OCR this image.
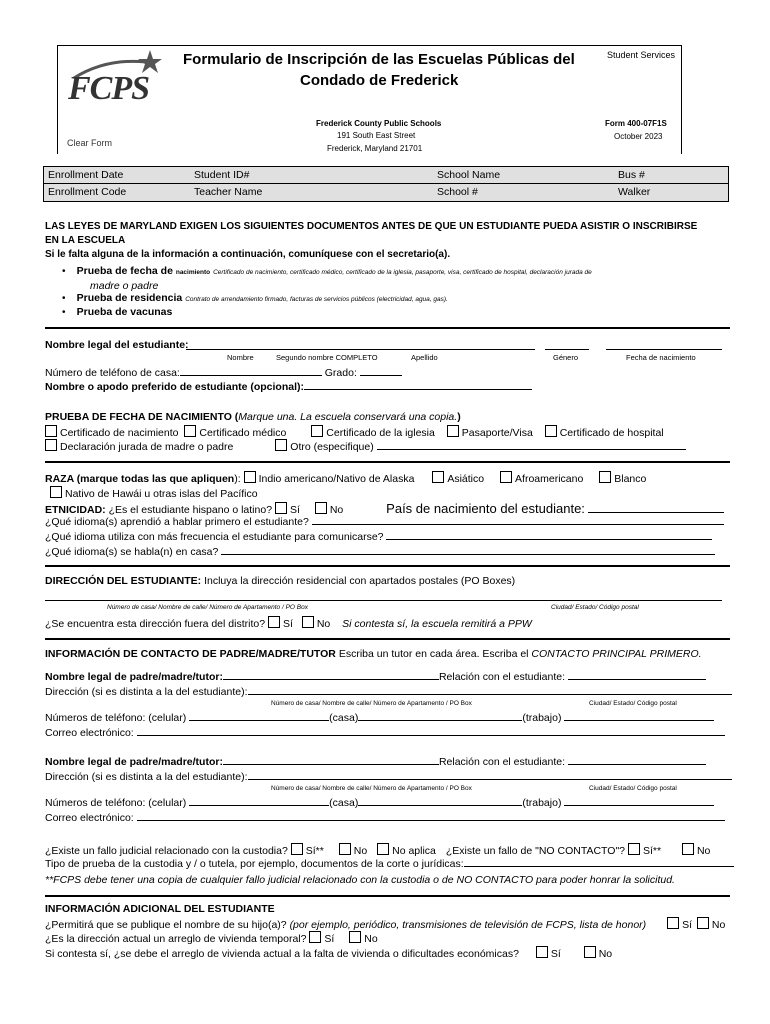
FCPS
Clear Form
Formulario de Inscripción de las Escuelas Públicas del
Condado de Frederick
Student Services
Frederick County Public Schools
191 South East Street
Frederick, Maryland 21701
Form 400-07F1S
October 2023
Enrollment Date	Student ID#	School Name	Bus #
Enrollment Code	Teacher Name	School #	Walker
LAS LEYES DE MARYLAND EXIGEN LOS SIGUIENTES DOCUMENTOS ANTES DE QUE UN ESTUDIANTE PUEDA ASISTIR O INSCRIBIRSE
EN LA ESCUELA
Si le falta alguna de la información a continuación, comuníquese con el secretario(a).
•    Prueba de fecha de nacimiento Certificado de nacimiento, certificado médico, certificado de la iglesia, pasaporte, visa, certificado de hospital, declaración jurada de
madre o padre
•    Prueba de residencia Contrato de arrendamiento firmado, facturas de servicios públicos (electricidad, agua, gas).
•    Prueba de vacunas
Nombre legal del estudiante:
Nombre	Segundo nombre COMPLETO	Apellido	Género	Fecha de nacimiento
Número de teléfono de casa:	Grado:
Nombre o apodo preferido de estudiante (opcional):
PRUEBA DE FECHA DE NACIMIENTO (Marque una. La escuela conservará una copia.)
Certificado de nacimiento Certificado médico	Certificado de la iglesia	Pasaporte/Visa	Certificado de hospital
Declaración jurada de madre o padre	Otro (especifique)
RAZA (marque todas las que apliquen): Indio americano/Nativo de Alaska	Asiático	Afroamericano	Blanco
Nativo de Hawái u otras islas del Pacífico
ETNICIDAD: ¿Es el estudiante hispano o latino? Sí	No	País de nacimiento del estudiante:
¿Qué idioma(s) aprendió a hablar primero el estudiante?
¿Qué idioma utiliza con más frecuencia el estudiante para comunicarse?
¿Qué idioma(s) se habla(n) en casa?
DIRECCIÓN DEL ESTUDIANTE: Incluya la dirección residencial con apartados postales (PO Boxes)
Número de casa/ Nombre de calle/ Número de Apartamento / PO Box	Ciudad/ Estado/ Código postal
¿Se encuentra esta dirección fuera del distrito? Sí No Si contesta sí, la escuela remitirá a PPW
INFORMACIÓN DE CONTACTO DE PADRE/MADRE/TUTOR Escriba un tutor en cada área. Escriba el CONTACTO PRINCIPAL PRIMERO.
Nombre legal de padre/madre/tutor:	Relación con el estudiante:
Dirección (si es distinta a la del estudiante):
Número de casa/ Nombre de calle/ Número de Apartamento / PO Box	Ciudad/ Estado/ Código postal
Números de teléfono: (celular)	(casa)	(trabajo)
Correo electrónico:
Nombre legal de padre/madre/tutor:	Relación con el estudiante:
Dirección (si es distinta a la del estudiante):
Número de casa/ Nombre de calle/ Número de Apartamento / PO Box	Ciudad/ Estado/ Código postal
Números de teléfono: (celular)	(casa)	(trabajo)
Correo electrónico:
¿Existe un fallo judicial relacionado con la custodia? Sí**	No No aplica ¿Existe un fallo de "NO CONTACTO"? Sí**	No
Tipo de prueba de la custodia y / o tutela, por ejemplo, documentos de la corte o jurídicas:
**FCPS debe tener una copia de cualquier fallo judicial relacionado con la custodia o de NO CONTACTO para poder honrar la solicitud.
INFORMACIÓN ADICIONAL DEL ESTUDIANTE
¿Permitirá que se publique el nombre de su hijo(a)? (por ejemplo, periódico, transmisiones de televisión de FCPS, lista de honor)	Sí No
¿Es la dirección actual un arreglo de vivienda temporal? Sí	No
Si contesta sí, ¿se debe el arreglo de vivienda actual a la falta de vivienda o dificultades económicas?	Sí	No
